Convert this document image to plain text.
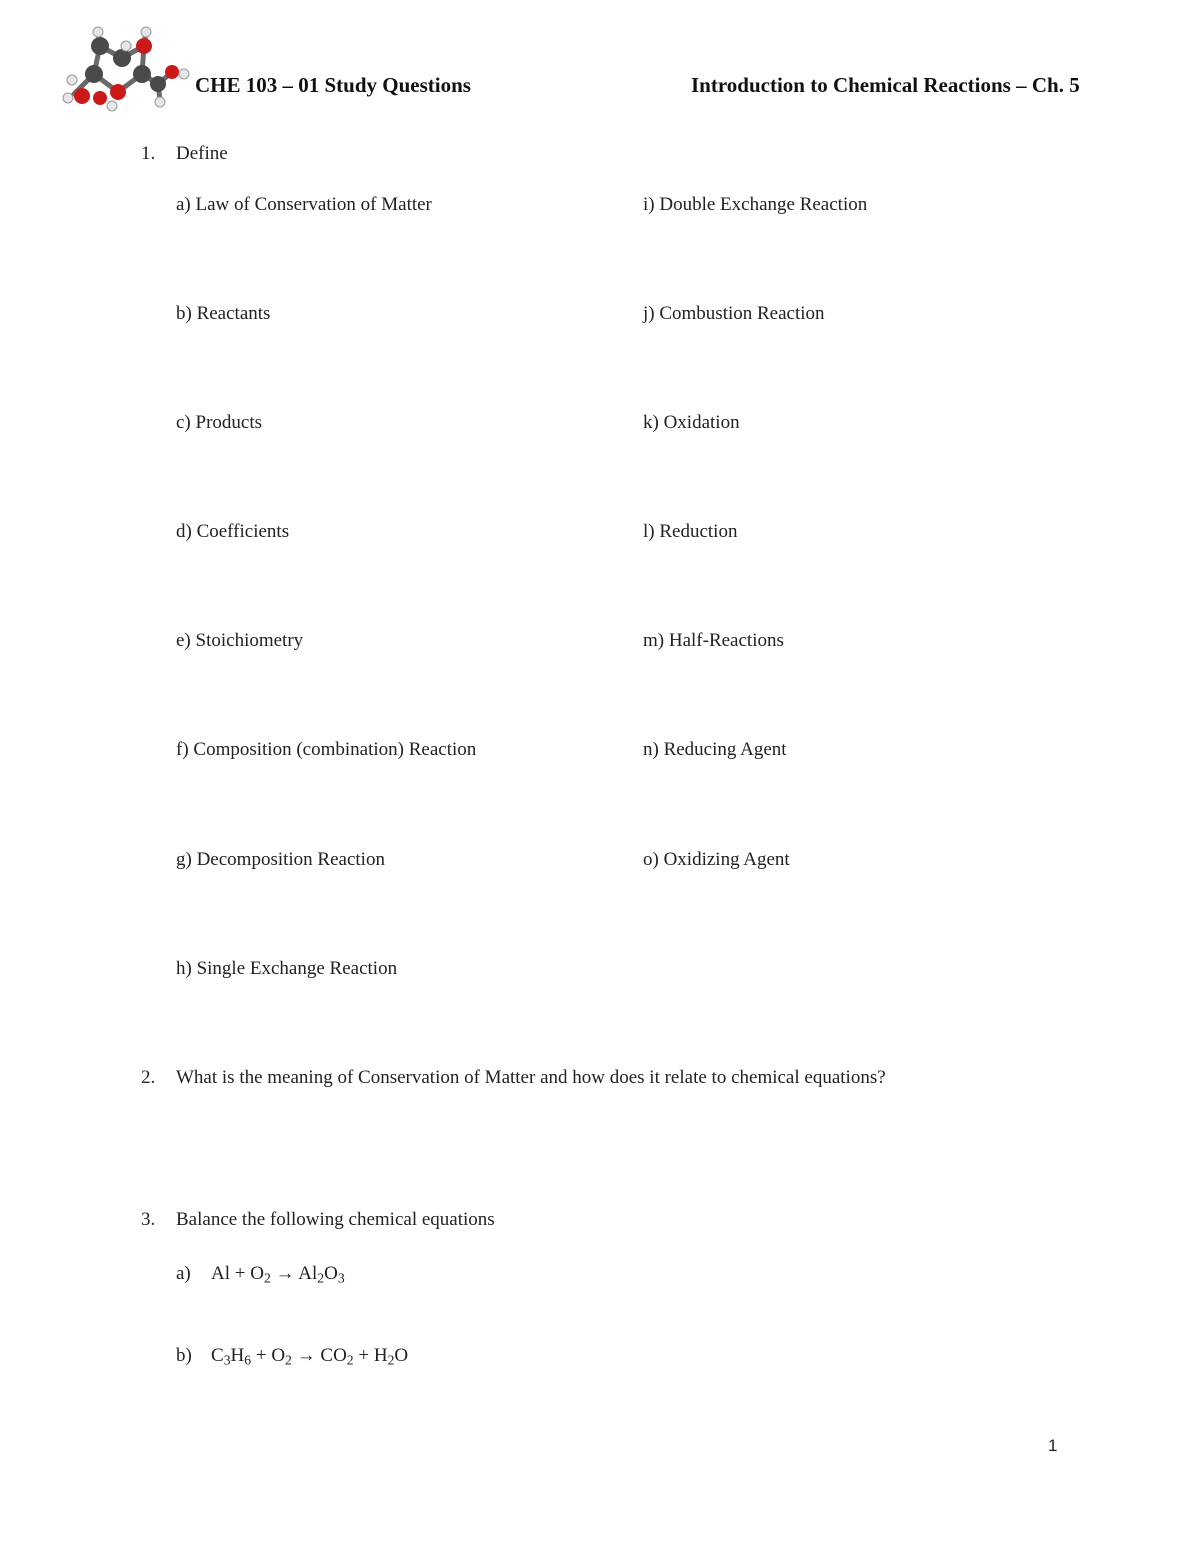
CHE 103 – 01 Study Questions	Introduction to Chemical Reactions – Ch. 5
1. Define
a) Law of Conservation of Matter
b) Reactants
c) Products
d) Coefficients
e) Stoichiometry
f) Composition (combination) Reaction
g) Decomposition Reaction
h) Single Exchange Reaction
i) Double Exchange Reaction
j) Combustion Reaction
k) Oxidation
l) Reduction
m) Half-Reactions
n) Reducing Agent
o) Oxidizing Agent
2. What is the meaning of Conservation of Matter and how does it relate to chemical equations?
3. Balance the following chemical equations
a) $Al + O_2 \to Al_2O_3$
b) $C_3H_6 + O_2 \to CO_2 + H_2O$
1
